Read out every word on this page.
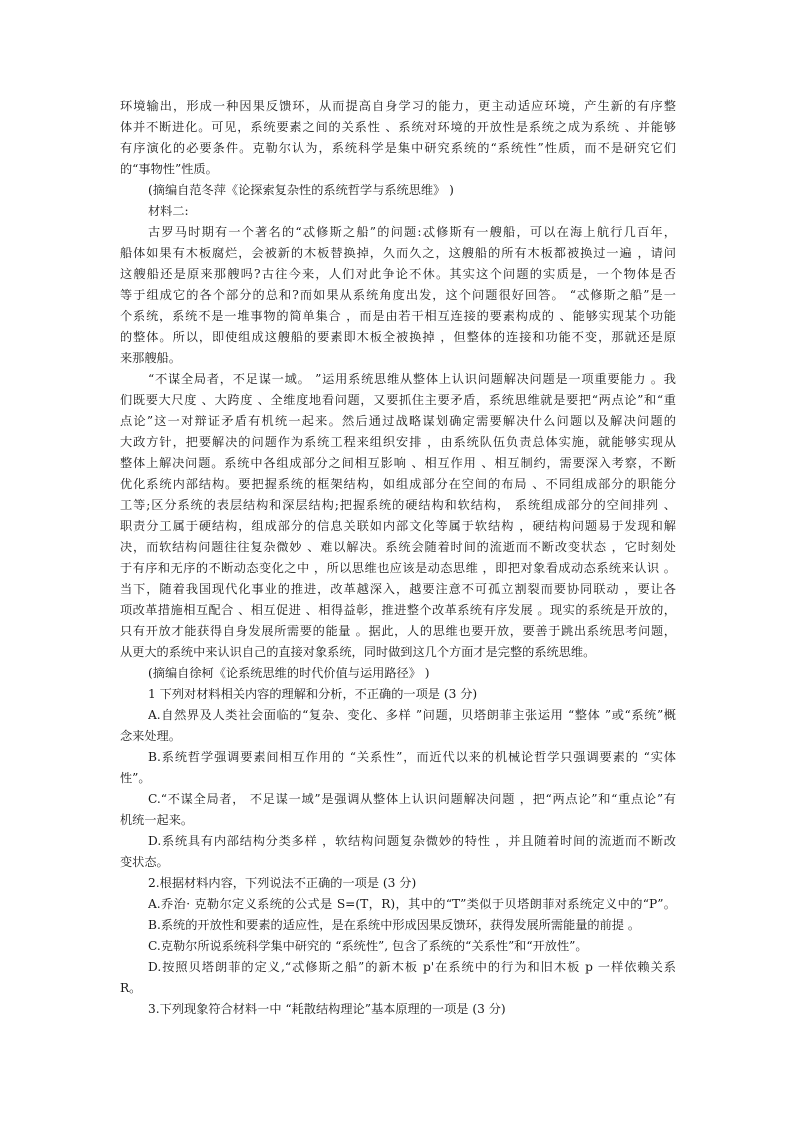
环境输出，形成一种因果反馈环，从而提高自身学习的能力，更主动适应环境，产生新的有序整
体并不断进化。可见，系统要素之间的关系性 、系统对环境的开放性是系统之成为系统 、并能够
有序演化的必要条件。克勒尔认为，系统科学是集中研究系统的“系统性”性质，而不是研究它们
的“事物性”性质。
(摘编自范冬萍《论探索复杂性的系统哲学与系统思维》 )
材料二:
古罗马时期有一个著名的“忒修斯之船”的问题:忒修斯有一艘船，可以在海上航行几百年，
船体如果有木板腐烂，会被新的木板替换掉，久而久之，这艘船的所有木板都被换过一遍 ，请问
这艘船还是原来那艘吗?古往今来，人们对此争论不休。其实这个问题的实质是，一个物体是否
等于组成它的各个部分的总和?而如果从系统角度出发，这个问题很好回答。 “忒修斯之船”是一
个系统，系统不是一堆事物的简单集合 ，而是由若干相互连接的要素构成的 、能够实现某个功能
的整体。所以，即使组成这艘船的要素即木板全被换掉 ，但整体的连接和功能不变，那就还是原
来那艘船。
“不谋全局者，不足谋一域。 ”运用系统思维从整体上认识问题解决问题是一项重要能力 。我
们既要大尺度 、大跨度 、全维度地看问题，又要抓住主要矛盾，系统思维就是要把“两点论”和“重
点论”这一对辩证矛盾有机统一起来。然后通过战略谋划确定需要解决什么问题以及解决问题的
大政方针，把要解决的问题作为系统工程来组织安排 ，由系统队伍负责总体实施，就能够实现从
整体上解决问题。系统中各组成部分之间相互影响 、相互作用 、相互制约，需要深入考察，不断
优化系统内部结构。要把握系统的框架结构，如组成部分在空间的布局 、不同组成部分的职能分
工等;区分系统的表层结构和深层结构;把握系统的硬结构和软结构， 系统组成部分的空间排列 、
职责分工属于硬结构，组成部分的信息关联如内部文化等属于软结构 ，硬结构问题易于发现和解
决，而软结构问题往往复杂微妙 、难以解决。系统会随着时间的流逝而不断改变状态 ，它时刻处
于有序和无序的不断动态变化之中 ，所以思维也应该是动态思维 ，即把对象看成动态系统来认识 。
当下，随着我国现代化事业的推进，改革越深入，越要注意不可孤立割裂而要协同联动 ，要让各
项改革措施相互配合 、相互促进 、相得益彰，推进整个改革系统有序发展 。现实的系统是开放的，
只有开放才能获得自身发展所需要的能量 。据此，人的思维也要开放，要善于跳出系统思考问题，
从更大的系统中来认识自己的直接对象系统，同时做到这几个方面才是完整的系统思维。
(摘编自徐柯《论系统思维的时代价值与运用路径》 )
1 下列对材料相关内容的理解和分析，不正确的一项是 (3 分)
A.自然界及人类社会面临的“复杂、变化、多样 ”问题，贝塔朗菲主张运用 “整体 ”或“系统”概
念来处理。
B.系统哲学强调要素间相互作用的 “关系性”，而近代以来的机械论哲学只强调要素的 “实体
性”。
C.“不谋全局者， 不足谋一域”是强调从整体上认识问题解决问题 ，把“两点论”和“重点论”有
机统一起来。
D.系统具有内部结构分类多样 ，软结构问题复杂微妙的特性 ，并且随着时间的流逝而不断改
变状态。
2.根据材料内容，下列说法不正确的一项是 (3 分)
A.乔治· 克勒尔定义系统的公式是 S=(T，R)，其中的“T”类似于贝塔朗菲对系统定义中的“P”。
B.系统的开放性和要素的适应性，是在系统中形成因果反馈环，获得发展所需能量的前提 。
C.克勒尔所说系统科学集中研究的 “系统性”, 包含了系统的“关系性”和“开放性”。
D.按照贝塔朗菲的定义,“忒修斯之船”的新木板 p'在系统中的行为和旧木板 p 一样依赖关系
R。
3.下列现象符合材料一中 “耗散结构理论”基本原理的一项是 (3 分)
